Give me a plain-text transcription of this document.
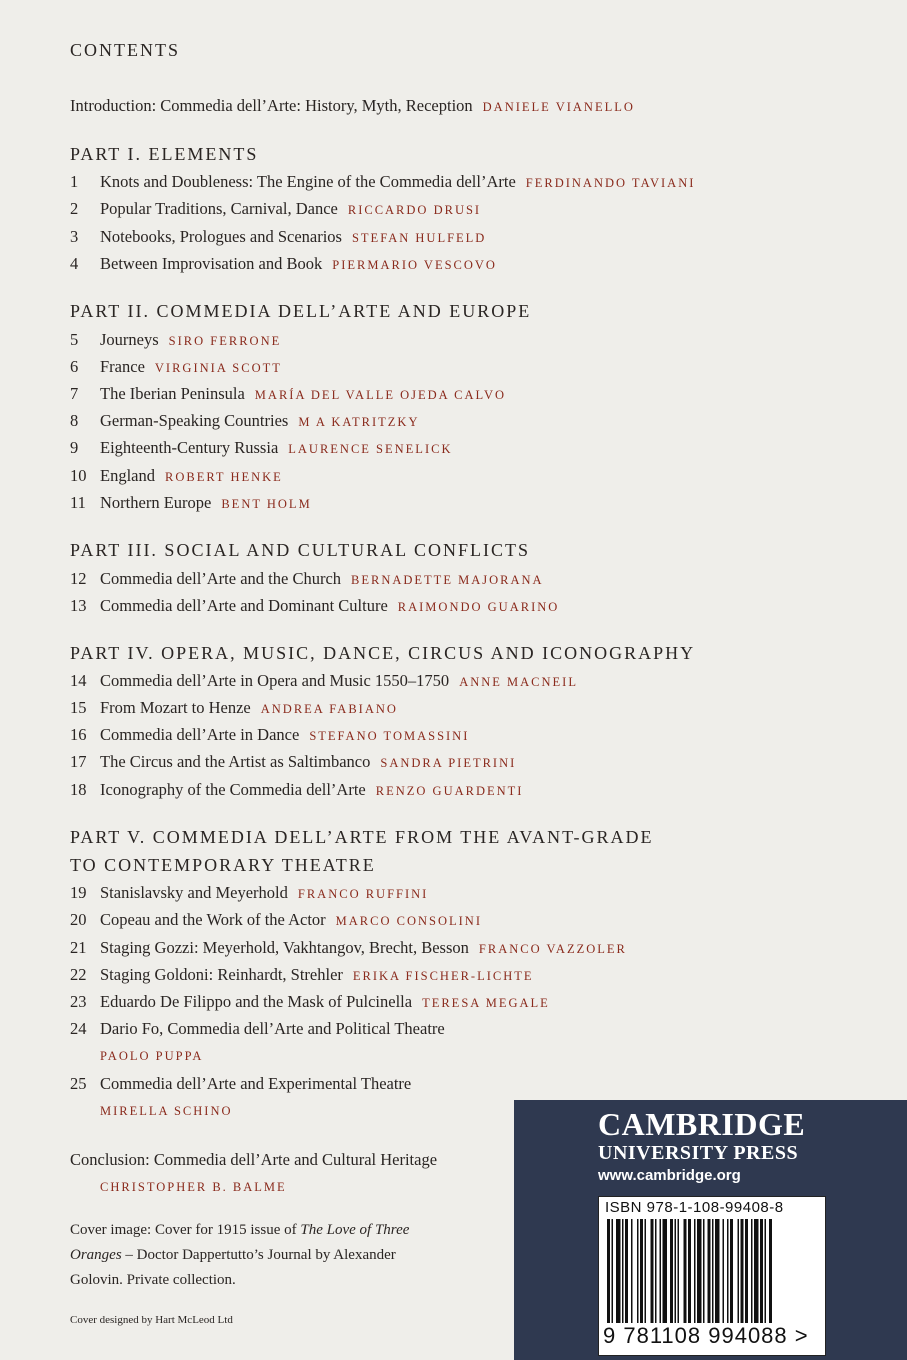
CONTENTS
Introduction: Commedia dell’Arte: History, Myth, Reception DANIELE VIANELLO
PART I. ELEMENTS
1 Knots and Doubleness: The Engine of the Commedia dell’Arte FERDINANDO TAVIANI
2 Popular Traditions, Carnival, Dance RICCARDO DRUSI
3 Notebooks, Prologues and Scenarios STEFAN HULFELD
4 Between Improvisation and Book PIERMARIO VESCOVO
PART II. COMMEDIA DELL’ARTE AND EUROPE
5 Journeys SIRO FERRONE
6 France VIRGINIA SCOTT
7 The Iberian Peninsula MARÍA DEL VALLE OJEDA CALVO
8 German-Speaking Countries M A KATRITZKY
9 Eighteenth-Century Russia LAURENCE SENELICK
10 England ROBERT HENKE
11 Northern Europe BENT HOLM
PART III. SOCIAL AND CULTURAL CONFLICTS
12 Commedia dell’Arte and the Church BERNADETTE MAJORANA
13 Commedia dell’Arte and Dominant Culture RAIMONDO GUARINO
PART IV. OPERA, MUSIC, DANCE, CIRCUS AND ICONOGRAPHY
14 Commedia dell’Arte in Opera and Music 1550–1750 ANNE MACNEIL
15 From Mozart to Henze ANDREA FABIANO
16 Commedia dell’Arte in Dance STEFANO TOMASSINI
17 The Circus and the Artist as Saltimbanco SANDRA PIETRINI
18 Iconography of the Commedia dell’Arte RENZO GUARDENTI
PART V. COMMEDIA DELL’ARTE FROM THE AVANT-GRADE
TO CONTEMPORARY THEATRE
19 Stanislavsky and Meyerhold FRANCO RUFFINI
20 Copeau and the Work of the Actor MARCO CONSOLINI
21 Staging Gozzi: Meyerhold, Vakhtangov, Brecht, Besson FRANCO VAZZOLER
22 Staging Goldoni: Reinhardt, Strehler ERIKA FISCHER-LICHTE
23 Eduardo De Filippo and the Mask of Pulcinella TERESA MEGALE
24 Dario Fo, Commedia dell’Arte and Political Theatre
PAOLO PUPPA
25 Commedia dell’Arte and Experimental Theatre
MIRELLA SCHINO
Conclusion: Commedia dell’Arte and Cultural Heritage
CHRISTOPHER B. BALME
Cover image: Cover for 1915 issue of The Love of Three Oranges – Doctor Dappertutto’s Journal by Alexander Golovin. Private collection.
Cover designed by Hart McLeod Ltd
CAMBRIDGE
UNIVERSITY PRESS
www.cambridge.org
ISBN 978-1-108-99408-8
9 781108 994088 >
